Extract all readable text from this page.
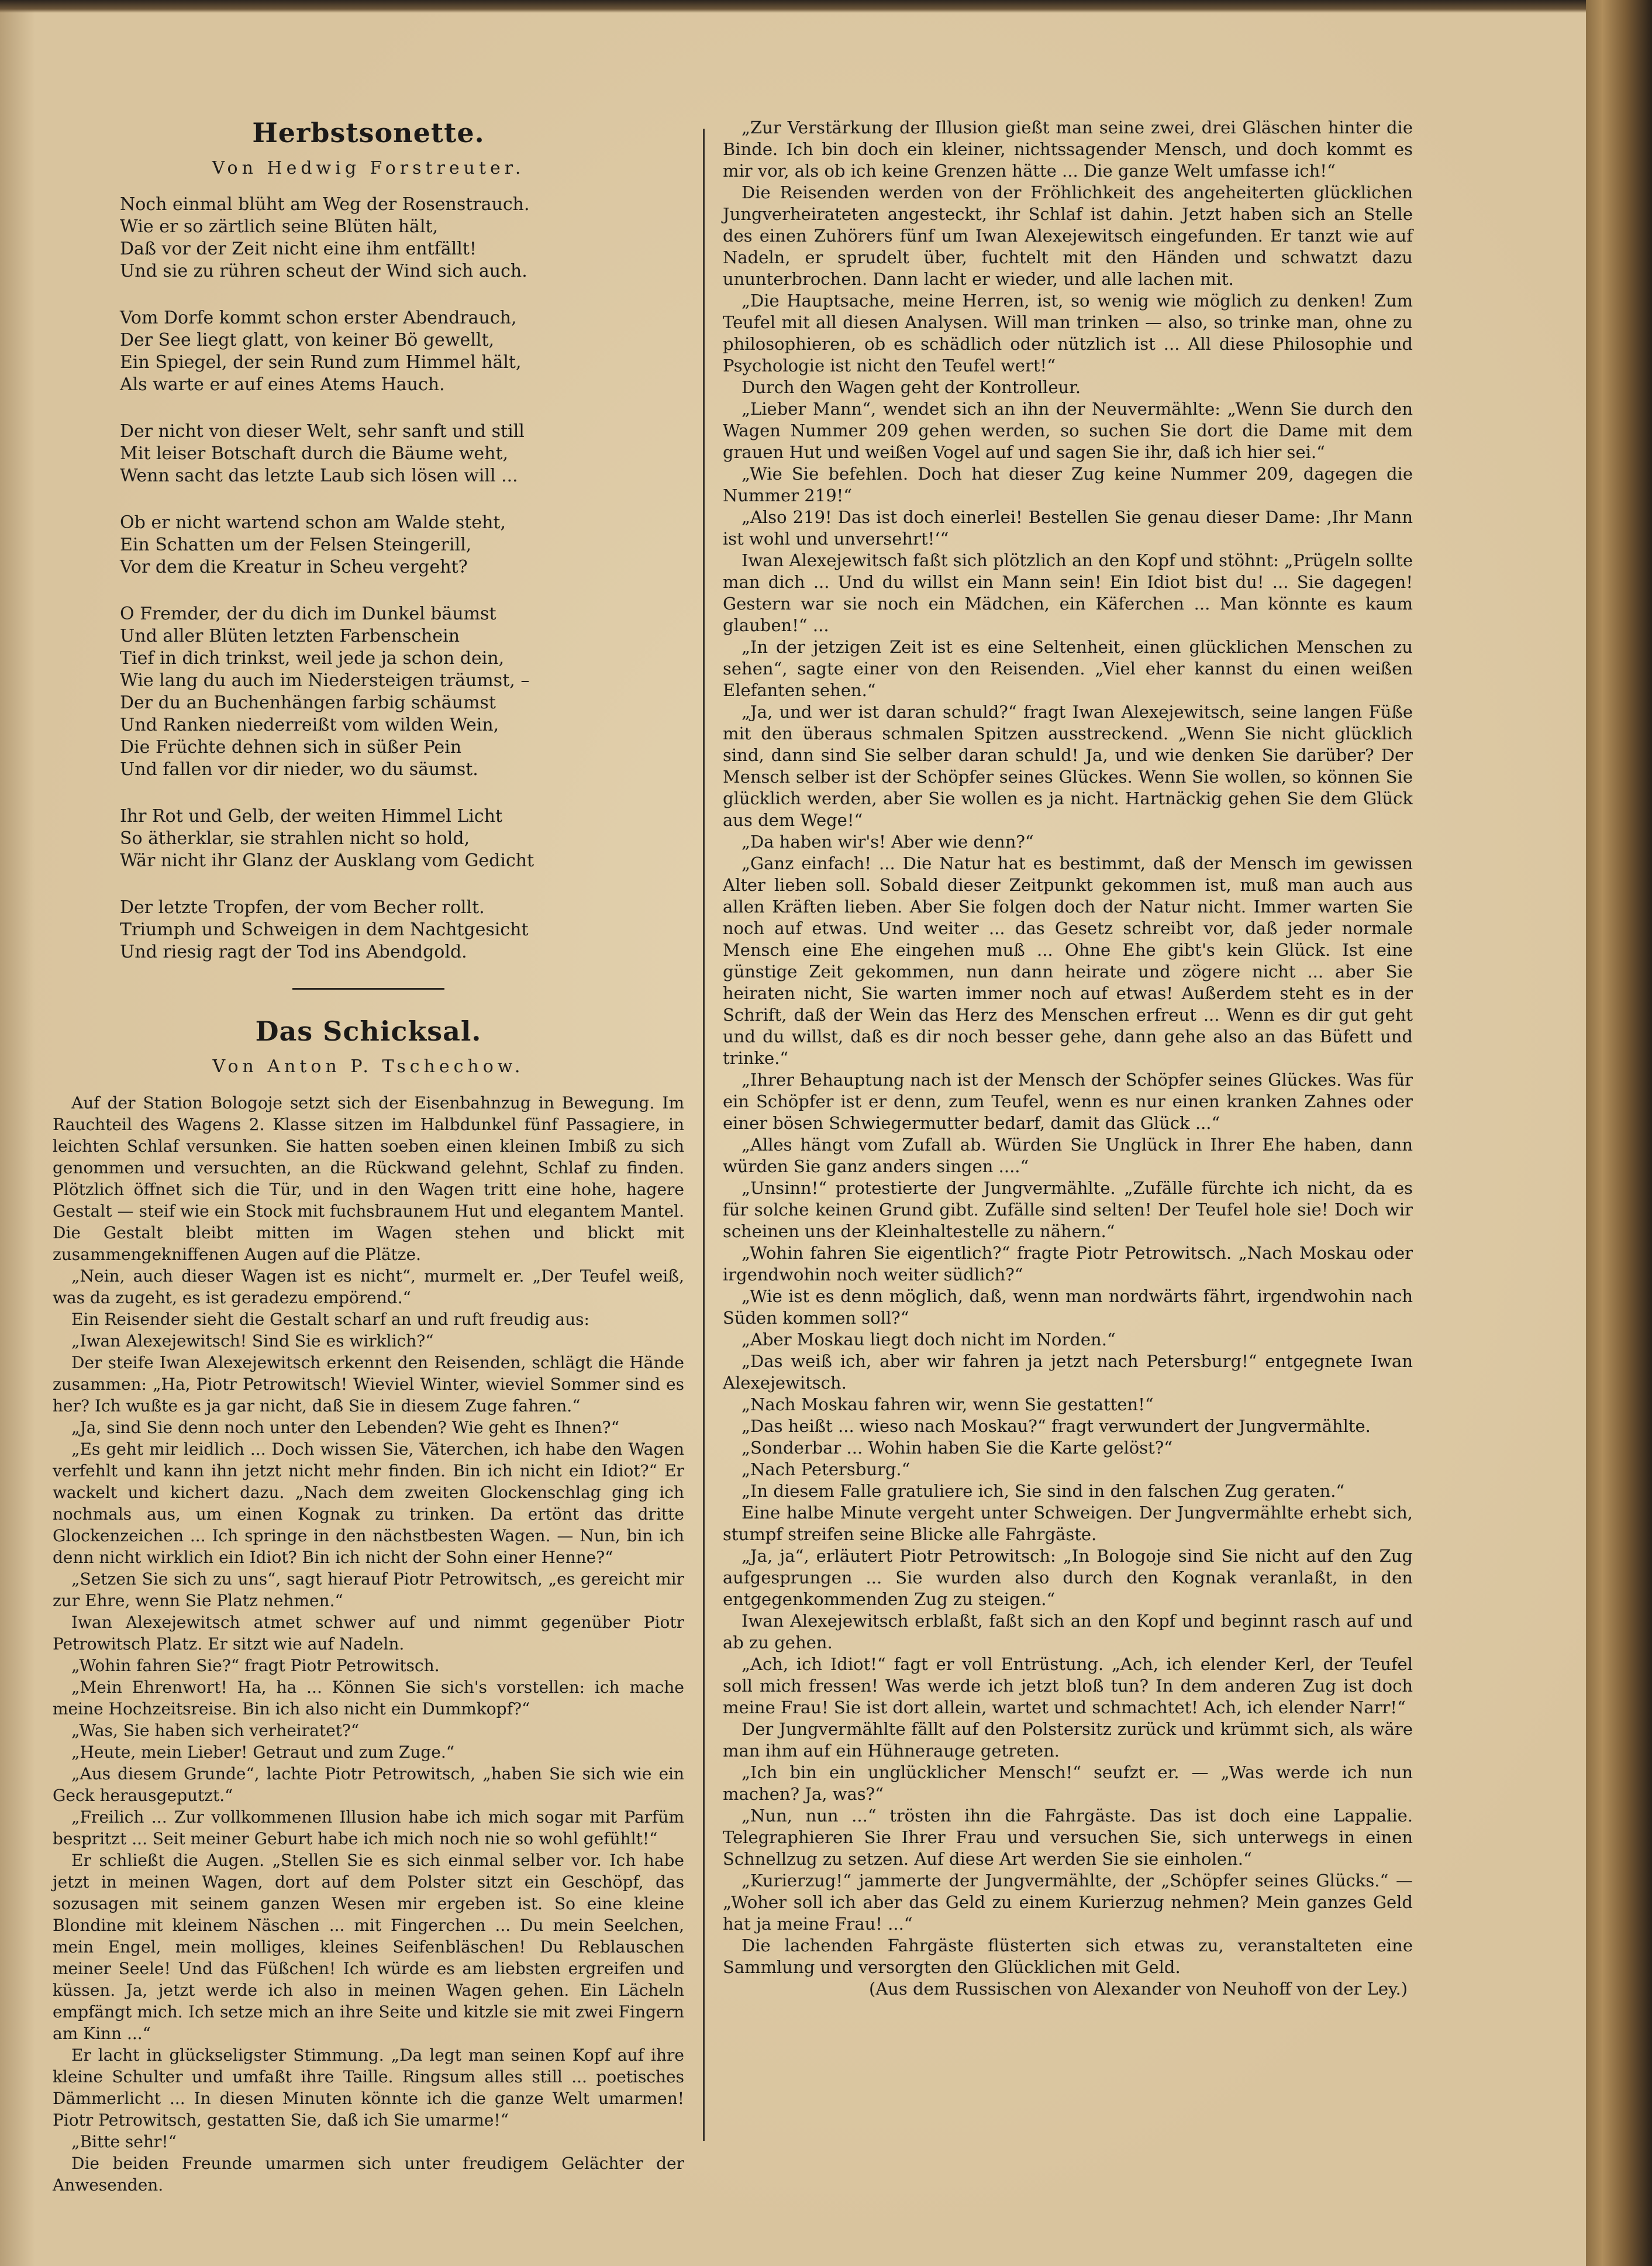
Herbstsonette.
Von Hedwig Forstreuter.
Noch einmal blüht am Weg der Rosenstrauch.
Wie er so zärtlich seine Blüten hält,
Daß vor der Zeit nicht eine ihm entfällt!
Und sie zu rühren scheut der Wind sich auch.
Vom Dorfe kommt schon erster Abendrauch,
Der See liegt glatt, von keiner Bö gewellt,
Ein Spiegel, der sein Rund zum Himmel hält,
Als warte er auf eines Atems Hauch.
Der nicht von dieser Welt, sehr sanft und still
Mit leiser Botschaft durch die Bäume weht,
Wenn sacht das letzte Laub sich lösen will ...
Ob er nicht wartend schon am Walde steht,
Ein Schatten um der Felsen Steingerill,
Vor dem die Kreatur in Scheu vergeht?
O Fremder, der du dich im Dunkel bäumst
Und aller Blüten letzten Farbenschein
Tief in dich trinkst, weil jede ja schon dein,
Wie lang du auch im Niedersteigen träumst, –
Der du an Buchenhängen farbig schäumst
Und Ranken niederreißt vom wilden Wein,
Die Früchte dehnen sich in süßer Pein
Und fallen vor dir nieder, wo du säumst.
Ihr Rot und Gelb, der weiten Himmel Licht
So ätherklar, sie strahlen nicht so hold,
Wär nicht ihr Glanz der Ausklang vom Gedicht
Der letzte Tropfen, der vom Becher rollt.
Triumph und Schweigen in dem Nachtgesicht
Und riesig ragt der Tod ins Abendgold.
Das Schicksal.
Von Anton P. Tschechow.

Auf der Station Bologoje setzt sich der Eisenbahnzug in Bewegung. Im Rauchteil des Wagens 2. Klasse sitzen im Halbdunkel fünf Passagiere, in leichten Schlaf versunken. Sie hatten soeben einen kleinen Imbiß zu sich genommen und versuchten, an die Rückwand gelehnt, Schlaf zu finden. Plötzlich öffnet sich die Tür, und in den Wagen tritt eine hohe, hagere Gestalt — steif wie ein Stock mit fuchsbraunem Hut und elegantem Mantel. Die Gestalt bleibt mitten im Wagen stehen und blickt mit zusammengekniffenen Augen auf die Plätze.

„Nein, auch dieser Wagen ist es nicht“, murmelt er. „Der Teufel weiß, was da zugeht, es ist geradezu empörend.“

Ein Reisender sieht die Gestalt scharf an und ruft freudig aus:

„Iwan Alexejewitsch! Sind Sie es wirklich?“

Der steife Iwan Alexejewitsch erkennt den Reisenden, schlägt die Hände zusammen: „Ha, Piotr Petrowitsch! Wieviel Winter, wieviel Sommer sind es her? Ich wußte es ja gar nicht, daß Sie in diesem Zuge fahren.“

„Ja, sind Sie denn noch unter den Lebenden? Wie geht es Ihnen?“

„Es geht mir leidlich ... Doch wissen Sie, Väterchen, ich habe den Wagen verfehlt und kann ihn jetzt nicht mehr finden. Bin ich nicht ein Idiot?“ Er wackelt und kichert dazu. „Nach dem zweiten Glockenschlag ging ich nochmals aus, um einen Kognak zu trinken. Da ertönt das dritte Glockenzeichen ... Ich springe in den nächstbesten Wagen. — Nun, bin ich denn nicht wirklich ein Idiot? Bin ich nicht der Sohn einer Henne?“

„Setzen Sie sich zu uns“, sagt hierauf Piotr Petrowitsch, „es gereicht mir zur Ehre, wenn Sie Platz nehmen.“

Iwan Alexejewitsch atmet schwer auf und nimmt gegenüber Piotr Petrowitsch Platz. Er sitzt wie auf Nadeln.

„Wohin fahren Sie?“ fragt Piotr Petrowitsch.

„Mein Ehrenwort! Ha, ha ... Können Sie sich's vorstellen: ich mache meine Hochzeitsreise. Bin ich also nicht ein Dummkopf?“

„Was, Sie haben sich verheiratet?“

„Heute, mein Lieber! Getraut und zum Zuge.“

„Aus diesem Grunde“, lachte Piotr Petrowitsch, „haben Sie sich wie ein Geck herausgeputzt.“

„Freilich ... Zur vollkommenen Illusion habe ich mich sogar mit Parfüm bespritzt ... Seit meiner Geburt habe ich mich noch nie so wohl gefühlt!“

Er schließt die Augen. „Stellen Sie es sich einmal selber vor. Ich habe jetzt in meinen Wagen, dort auf dem Polster sitzt ein Geschöpf, das sozusagen mit seinem ganzen Wesen mir ergeben ist. So eine kleine Blondine mit kleinem Näschen ... mit Fingerchen ... Du mein Seelchen, mein Engel, mein molliges, kleines Seifenbläschen! Du Reblauschen meiner Seele! Und das Füßchen! Ich würde es am liebsten ergreifen und küssen. Ja, jetzt werde ich also in meinen Wagen gehen. Ein Lächeln empfängt mich. Ich setze mich an ihre Seite und kitzle sie mit zwei Fingern am Kinn ...“

Er lacht in glückseligster Stimmung. „Da legt man seinen Kopf auf ihre kleine Schulter und umfaßt ihre Taille. Ringsum alles still ... poetisches Dämmerlicht ... In diesen Minuten könnte ich die ganze Welt umarmen! Piotr Petrowitsch, gestatten Sie, daß ich Sie umarme!“

„Bitte sehr!“

Die beiden Freunde umarmen sich unter freudigem Gelächter der Anwesenden.

„Zur Verstärkung der Illusion gießt man seine zwei, drei Gläschen hinter die Binde. Ich bin doch ein kleiner, nichtssagender Mensch, und doch kommt es mir vor, als ob ich keine Grenzen hätte ... Die ganze Welt umfasse ich!“

Die Reisenden werden von der Fröhlichkeit des angeheiterten glücklichen Jungverheirateten angesteckt, ihr Schlaf ist dahin. Jetzt haben sich an Stelle des einen Zuhörers fünf um Iwan Alexejewitsch eingefunden. Er tanzt wie auf Nadeln, er sprudelt über, fuchtelt mit den Händen und schwatzt dazu ununterbrochen. Dann lacht er wieder, und alle lachen mit.

„Die Hauptsache, meine Herren, ist, so wenig wie möglich zu denken! Zum Teufel mit all diesen Analysen. Will man trinken — also, so trinke man, ohne zu philosophieren, ob es schädlich oder nützlich ist ... All diese Philosophie und Psychologie ist nicht den Teufel wert!“

Durch den Wagen geht der Kontrolleur.

„Lieber Mann“, wendet sich an ihn der Neuvermählte: „Wenn Sie durch den Wagen Nummer 209 gehen werden, so suchen Sie dort die Dame mit dem grauen Hut und weißen Vogel auf und sagen Sie ihr, daß ich hier sei.“

„Wie Sie befehlen. Doch hat dieser Zug keine Nummer 209, dagegen die Nummer 219!“

„Also 219! Das ist doch einerlei! Bestellen Sie genau dieser Dame: ‚Ihr Mann ist wohl und unversehrt!‘“

Iwan Alexejewitsch faßt sich plötzlich an den Kopf und stöhnt: „Prügeln sollte man dich ... Und du willst ein Mann sein! Ein Idiot bist du! ... Sie dagegen! Gestern war sie noch ein Mädchen, ein Käferchen ... Man könnte es kaum glauben!“ ...

„In der jetzigen Zeit ist es eine Seltenheit, einen glücklichen Menschen zu sehen“, sagte einer von den Reisenden. „Viel eher kannst du einen weißen Elefanten sehen.“

„Ja, und wer ist daran schuld?“ fragt Iwan Alexejewitsch, seine langen Füße mit den überaus schmalen Spitzen ausstreckend. „Wenn Sie nicht glücklich sind, dann sind Sie selber daran schuld! Ja, und wie denken Sie darüber? Der Mensch selber ist der Schöpfer seines Glückes. Wenn Sie wollen, so können Sie glücklich werden, aber Sie wollen es ja nicht. Hartnäckig gehen Sie dem Glück aus dem Wege!“

„Da haben wir's! Aber wie denn?“

„Ganz einfach! ... Die Natur hat es bestimmt, daß der Mensch im gewissen Alter lieben soll. Sobald dieser Zeitpunkt gekommen ist, muß man auch aus allen Kräften lieben. Aber Sie folgen doch der Natur nicht. Immer warten Sie noch auf etwas. Und weiter ... das Gesetz schreibt vor, daß jeder normale Mensch eine Ehe eingehen muß ... Ohne Ehe gibt's kein Glück. Ist eine günstige Zeit gekommen, nun dann heirate und zögere nicht ... aber Sie heiraten nicht, Sie warten immer noch auf etwas! Außerdem steht es in der Schrift, daß der Wein das Herz des Menschen erfreut ... Wenn es dir gut geht und du willst, daß es dir noch besser gehe, dann gehe also an das Büfett und trinke.“

„Ihrer Behauptung nach ist der Mensch der Schöpfer seines Glückes. Was für ein Schöpfer ist er denn, zum Teufel, wenn es nur einen kranken Zahnes oder einer bösen Schwiegermutter bedarf, damit das Glück ...“

„Alles hängt vom Zufall ab. Würden Sie Unglück in Ihrer Ehe haben, dann würden Sie ganz anders singen ....“

„Unsinn!“ protestierte der Jungvermählte. „Zufälle fürchte ich nicht, da es für solche keinen Grund gibt. Zufälle sind selten! Der Teufel hole sie! Doch wir scheinen uns der Kleinhaltestelle zu nähern.“

„Wohin fahren Sie eigentlich?“ fragte Piotr Petrowitsch. „Nach Moskau oder irgendwohin noch weiter südlich?“

„Wie ist es denn möglich, daß, wenn man nordwärts fährt, irgendwohin nach Süden kommen soll?“

„Aber Moskau liegt doch nicht im Norden.“

„Das weiß ich, aber wir fahren ja jetzt nach Petersburg!“ entgegnete Iwan Alexejewitsch.

„Nach Moskau fahren wir, wenn Sie gestatten!“

„Das heißt ... wieso nach Moskau?“ fragt verwundert der Jungvermählte.

„Sonderbar ... Wohin haben Sie die Karte gelöst?“

„Nach Petersburg.“

„In diesem Falle gratuliere ich, Sie sind in den falschen Zug geraten.“

Eine halbe Minute vergeht unter Schweigen. Der Jungvermählte erhebt sich, stumpf streifen seine Blicke alle Fahrgäste.

„Ja, ja“, erläutert Piotr Petrowitsch: „In Bologoje sind Sie nicht auf den Zug aufgesprungen ... Sie wurden also durch den Kognak veranlaßt, in den entgegenkommenden Zug zu steigen.“

Iwan Alexejewitsch erblaßt, faßt sich an den Kopf und beginnt rasch auf und ab zu gehen.

„Ach, ich Idiot!“ fagt er voll Entrüstung. „Ach, ich elender Kerl, der Teufel soll mich fressen! Was werde ich jetzt bloß tun? In dem anderen Zug ist doch meine Frau! Sie ist dort allein, wartet und schmachtet! Ach, ich elender Narr!“

Der Jungvermählte fällt auf den Polstersitz zurück und krümmt sich, als wäre man ihm auf ein Hühnerauge getreten.

„Ich bin ein unglücklicher Mensch!“ seufzt er. — „Was werde ich nun machen? Ja, was?“

„Nun, nun ...“ trösten ihn die Fahrgäste. Das ist doch eine Lappalie. Telegraphieren Sie Ihrer Frau und versuchen Sie, sich unterwegs in einen Schnellzug zu setzen. Auf diese Art werden Sie sie einholen.“

„Kurierzug!“ jammerte der Jungvermählte, der „Schöpfer seines Glücks.“ — „Woher soll ich aber das Geld zu einem Kurierzug nehmen? Mein ganzes Geld hat ja meine Frau! ...“

Die lachenden Fahrgäste flüsterten sich etwas zu, veranstalteten eine Sammlung und versorgten den Glücklichen mit Geld.

(Aus dem Russischen von Alexander von Neuhoff von der Ley.)
